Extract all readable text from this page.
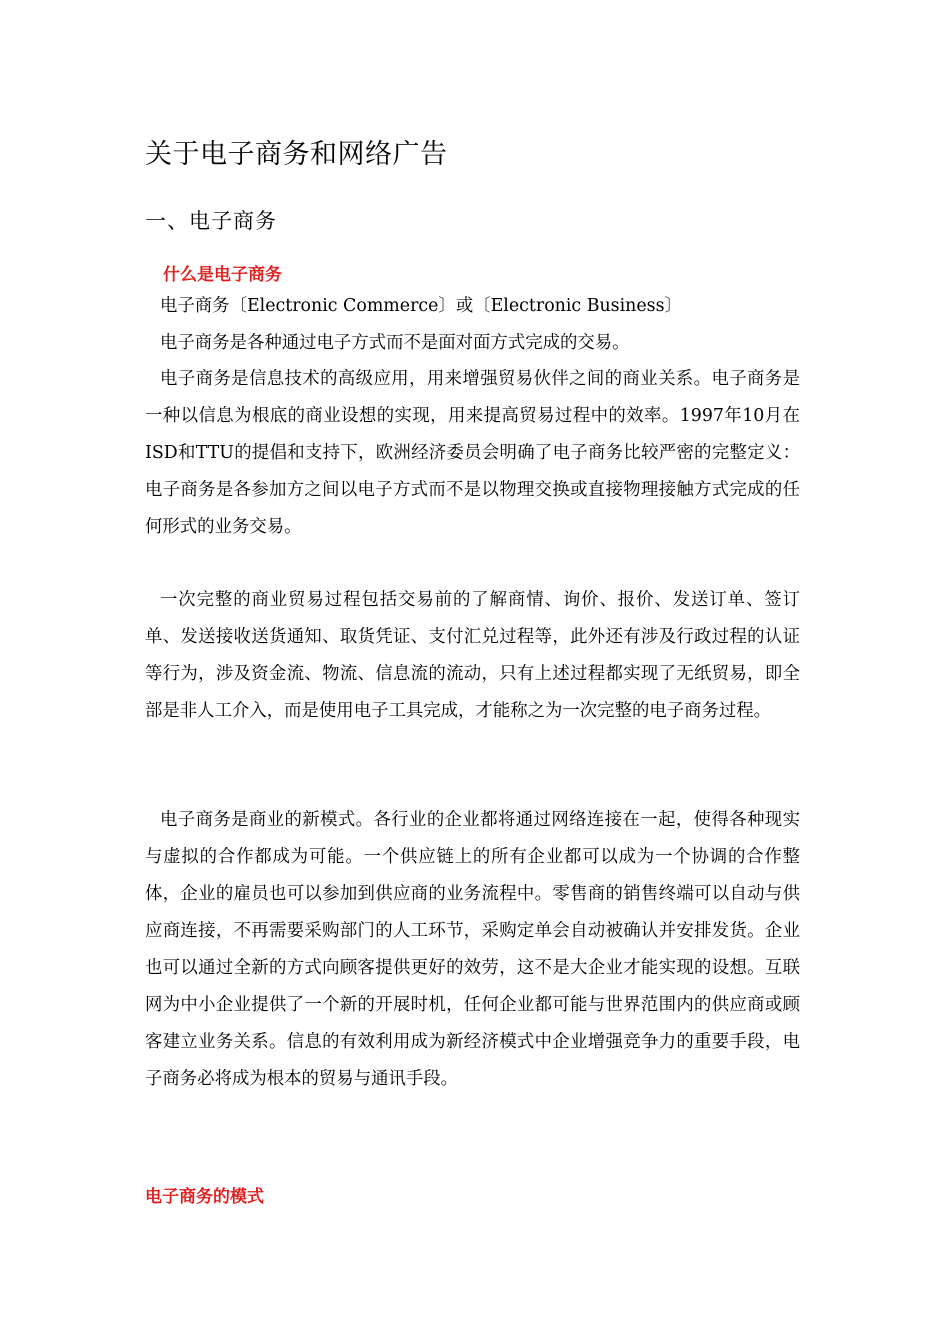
关于电子商务和网络广告
一、电子商务
什么是电子商务

电子商务〔Electronic Commerce〕或〔Electronic Business〕

电子商务是各种通过电子方式而不是面对面方式完成的交易。

电子商务是信息技术的高级应用，用来增强贸易伙伴之间的商业关系。电子商务是一种以信息为根底的商业设想的实现，用来提高贸易过程中的效率。1997年10月在ISD和TTU的提倡和支持下，欧洲经济委员会明确了电子商务比较严密的完整定义：电子商务是各参加方之间以电子方式而不是以物理交换或直接物理接触方式完成的任何形式的业务交易。

一次完整的商业贸易过程包括交易前的了解商情、询价、报价、发送订单、签订单、发送接收送货通知、取货凭证、支付汇兑过程等，此外还有涉及行政过程的认证等行为，涉及资金流、物流、信息流的流动，只有上述过程都实现了无纸贸易，即全部是非人工介入，而是使用电子工具完成，才能称之为一次完整的电子商务过程。

电子商务是商业的新模式。各行业的企业都将通过网络连接在一起，使得各种现实与虚拟的合作都成为可能。一个供应链上的所有企业都可以成为一个协调的合作整体，企业的雇员也可以参加到供应商的业务流程中。零售商的销售终端可以自动与供应商连接，不再需要采购部门的人工环节，采购定单会自动被确认并安排发货。企业也可以通过全新的方式向顾客提供更好的效劳，这不是大企业才能实现的设想。互联网为中小企业提供了一个新的开展时机，任何企业都可能与世界范围内的供应商或顾客建立业务关系。信息的有效利用成为新经济模式中企业增强竞争力的重要手段，电子商务必将成为根本的贸易与通讯手段。

电子商务的模式
